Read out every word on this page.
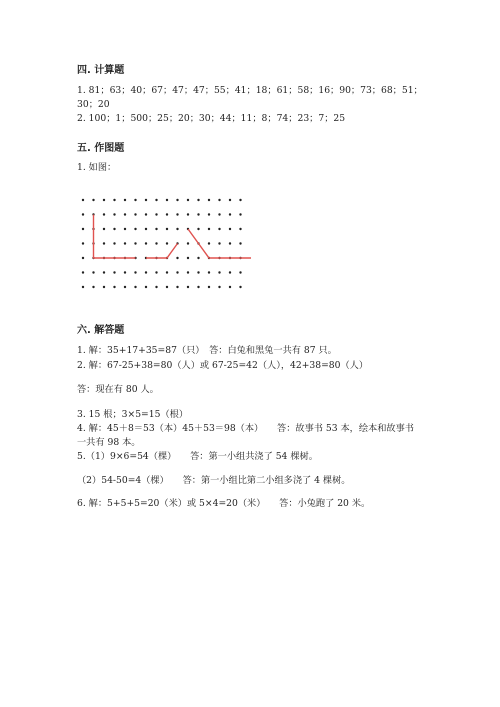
四. 计算题
1. 81；63；40；67；47；47；55；41；18；61；58；16；90；73；68；51；
30；20
2. 100；1；500；25；20；30；44；11；8；74；23；7；25
五. 作图题
1. 如图：
六. 解答题
1. 解：35+17+35=87（只）　答：白兔和黑兔一共有 87 只。
2. 解：67-25+38=80（人）或 67-25=42（人），42+38=80（人）
答：现在有 80 人。
3. 15 根；3×5=15（根）
4. 解：45＋8＝53（本）45＋53＝98（本）　　答：故事书 53 本，绘本和故事书
一共有 98 本。
5.（1）9×6=54（棵）　　答：第一小组共浇了 54 棵树。
（2）54-50=4（棵）　　答：第一小组比第二小组多浇了 4 棵树。
6. 解：5+5+5=20（米）或 5×4=20（米）　　答：小兔跑了 20 米。
